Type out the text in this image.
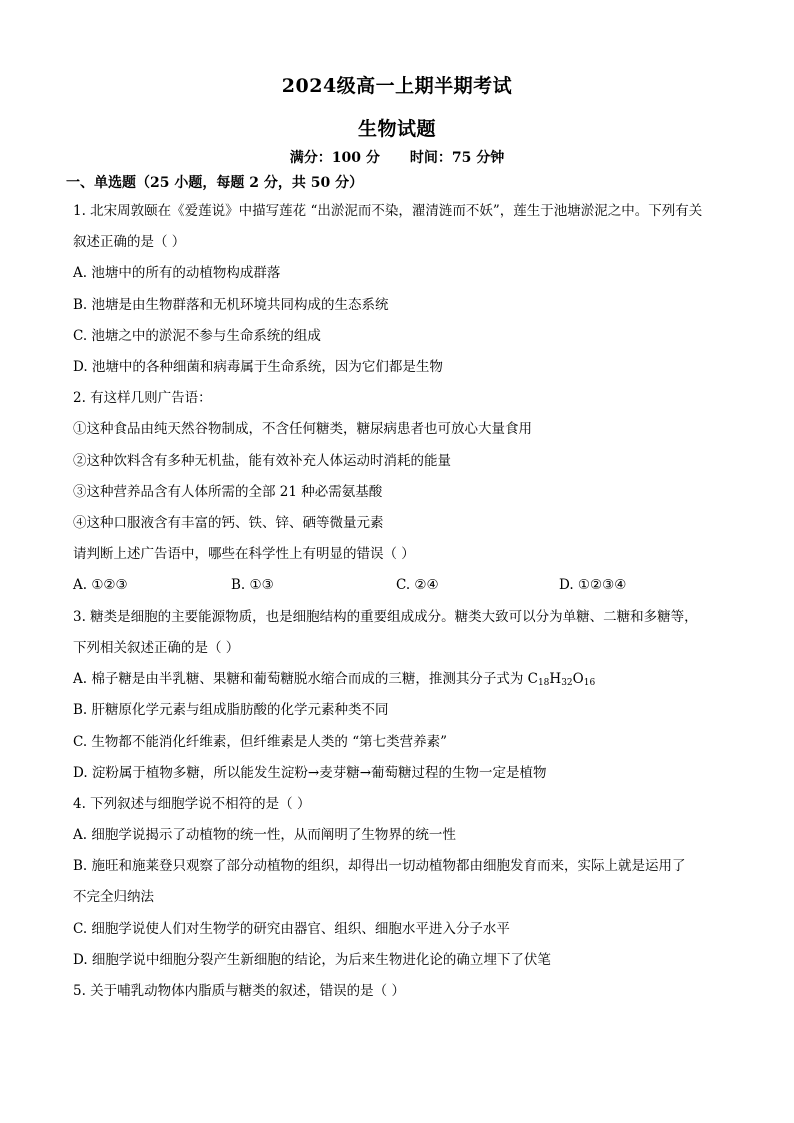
2024级高一上期半期考试
生物试题
满分：100 分 时间：75 分钟
一、单选题（25 小题，每题 2 分，共 50 分）
1. 北宋周敦颐在《爱莲说》中描写莲花 “出淤泥而不染，濯清涟而不妖”，莲生于池塘淤泥之中。下列有关
叙述正确的是（ ）
A. 池塘中的所有的动植物构成群落
B. 池塘是由生物群落和无机环境共同构成的生态系统
C. 池塘之中的淤泥不参与生命系统的组成
D. 池塘中的各种细菌和病毒属于生命系统，因为它们都是生物
2. 有这样几则广告语：
①这种食品由纯天然谷物制成，不含任何糖类，糖尿病患者也可放心大量食用
②这种饮料含有多种无机盐，能有效补充人体运动时消耗的能量
③这种营养品含有人体所需的全部 21 种必需氨基酸
④这种口服液含有丰富的钙、铁、锌、硒等微量元素
请判断上述广告语中，哪些在科学性上有明显的错误（ ）
A. ①②③	B. ①③	C. ②④	D. ①②③④
3. 糖类是细胞的主要能源物质，也是细胞结构的重要组成成分。糖类大致可以分为单糖、二糖和多糖等，
下列相关叙述正确的是（ ）
A. 棉子糖是由半乳糖、果糖和葡萄糖脱水缩合而成的三糖，推测其分子式为 $C_{18}H_{32}O_{16}$
B. 肝糖原化学元素与组成脂肪酸的化学元素种类不同
C. 生物都不能消化纤维素，但纤维素是人类的 “第七类营养素”
D. 淀粉属于植物多糖，所以能发生淀粉→麦芽糖→葡萄糖过程的生物一定是植物
4. 下列叙述与细胞学说不相符的是（ ）
A. 细胞学说揭示了动植物的统一性，从而阐明了生物界的统一性
B. 施旺和施莱登只观察了部分动植物的组织，却得出一切动植物都由细胞发育而来，实际上就是运用了
不完全归纳法
C. 细胞学说使人们对生物学的研究由器官、组织、细胞水平进入分子水平
D. 细胞学说中细胞分裂产生新细胞的结论，为后来生物进化论的确立埋下了伏笔
5. 关于哺乳动物体内脂质与糖类的叙述，错误的是（ ）
